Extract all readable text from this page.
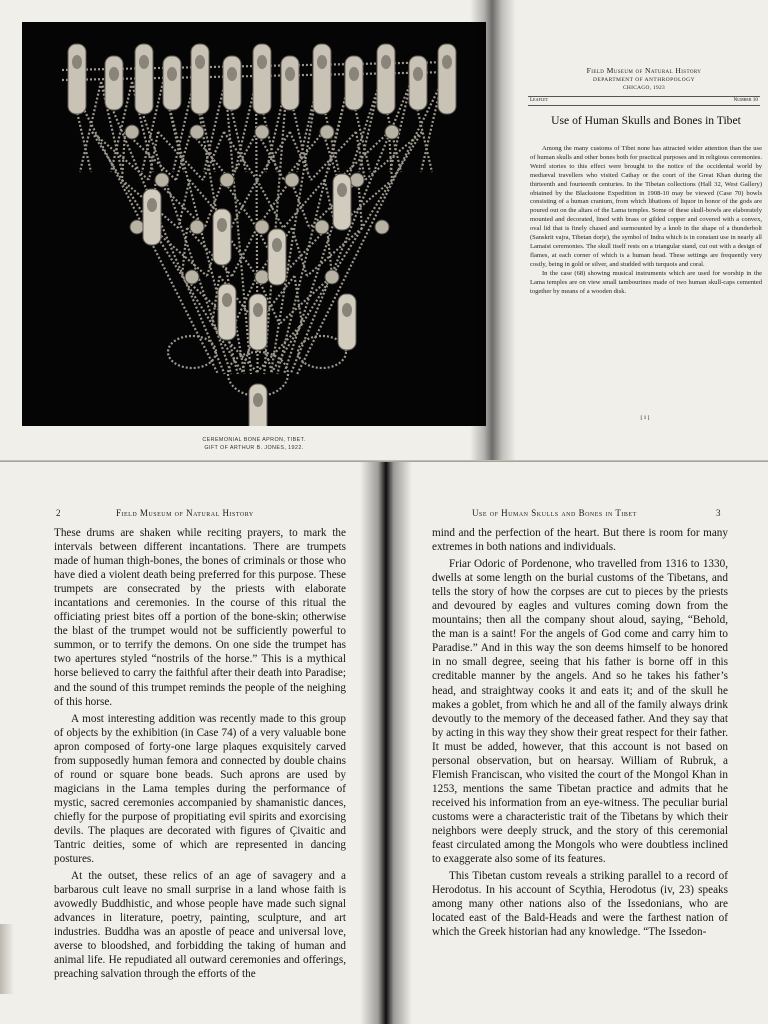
CEREMONIAL BONE APRON, TIBET.
GIFT OF ARTHUR B. JONES, 1922.
Field Museum of Natural History
DEPARTMENT OF ANTHROPOLOGY
CHICAGO, 1923
Leaflet	Number 10
Use of Human Skulls and Bones in Tibet

Among the many customs of Tibet none has attracted wider attention than the use of human skulls and other bones both for practical purposes and in religious ceremonies. Weird stories to this effect were brought to the notice of the occidental world by mediæval travellers who visited Cathay or the court of the Great Khan during the thirteenth and fourteenth centuries. In the Tibetan collections (Hall 32, West Gallery) obtained by the Blackstone Expedition in 1908-10 may be viewed (Case 70) bowls consisting of a human cranium, from which libations of liquor in honor of the gods are poured out on the altars of the Lama temples. Some of these skull-bowls are elaborately mounted and decorated, lined with brass or gilded copper and covered with a convex, oval lid that is finely chased and surmounted by a knob in the shape of a thunderbolt (Sanskrit vajra, Tibetan dorje), the symbol of Indra which is in constant use in nearly all Lamaist ceremonies. The skull itself rests on a triangular stand, cut out with a design of flames, at each corner of which is a human head. These settings are frequently very costly, being in gold or silver, and studded with turquois and coral.

In the case (68) showing musical instruments which are used for worship in the Lama temples are on view small tambourines made of two human skull-caps cemented together by means of a wooden disk.

[ 1 ]
2	Field Museum of Natural History

These drums are shaken while reciting prayers, to mark the intervals between different incantations. There are trumpets made of human thigh-bones, the bones of criminals or those who have died a violent death being preferred for this purpose. These trumpets are consecrated by the priests with elaborate incantations and ceremonies. In the course of this ritual the officiating priest bites off a portion of the bone-skin; otherwise the blast of the trumpet would not be sufficiently powerful to summon, or to terrify the demons. On one side the trumpet has two apertures styled “nostrils of the horse.” This is a mythical horse believed to carry the faithful after their death into Paradise; and the sound of this trumpet reminds the people of the neighing of this horse.

A most interesting addition was recently made to this group of objects by the exhibition (in Case 74) of a very valuable bone apron composed of forty-one large plaques exquisitely carved from supposedly human femora and connected by double chains of round or square bone beads. Such aprons are used by magicians in the Lama temples during the performance of mystic, sacred ceremonies accompanied by shamanistic dances, chiefly for the purpose of propitiating evil spirits and exorcising devils. The plaques are decorated with figures of Çivaitic and Tantric deities, some of which are represented in dancing postures.

At the outset, these relics of an age of savagery and a barbarous cult leave no small surprise in a land whose faith is avowedly Buddhistic, and whose people have made such signal advances in literature, poetry, painting, sculpture, and art industries. Buddha was an apostle of peace and universal love, averse to bloodshed, and forbidding the taking of human and animal life. He repudiated all outward ceremonies and offerings, preaching salvation through the efforts of the

Use of Human Skulls and Bones in Tibet	3

mind and the perfection of the heart. But there is room for many extremes in both nations and individuals.

Friar Odoric of Pordenone, who travelled from 1316 to 1330, dwells at some length on the burial customs of the Tibetans, and tells the story of how the corpses are cut to pieces by the priests and devoured by eagles and vultures coming down from the mountains; then all the company shout aloud, saying, “Behold, the man is a saint! For the angels of God come and carry him to Paradise.” And in this way the son deems himself to be honored in no small degree, seeing that his father is borne off in this creditable manner by the angels. And so he takes his father’s head, and straightway cooks it and eats it; and of the skull he makes a goblet, from which he and all of the family always drink devoutly to the memory of the deceased father. And they say that by acting in this way they show their great respect for their father. It must be added, however, that this account is not based on personal observation, but on hearsay. William of Rubruk, a Flemish Franciscan, who visited the court of the Mongol Khan in 1253, mentions the same Tibetan practice and admits that he received his information from an eye-witness. The peculiar burial customs were a characteristic trait of the Tibetans by which their neighbors were deeply struck, and the story of this ceremonial feast circulated among the Mongols who were doubtless inclined to exaggerate also some of its features.

This Tibetan custom reveals a striking parallel to a record of Herodotus. In his account of Scythia, Herodotus (iv, 23) speaks among many other nations also of the Issedonians, who are located east of the Bald-Heads and were the farthest nation of which the Greek historian had any knowledge. “The Issedon-
